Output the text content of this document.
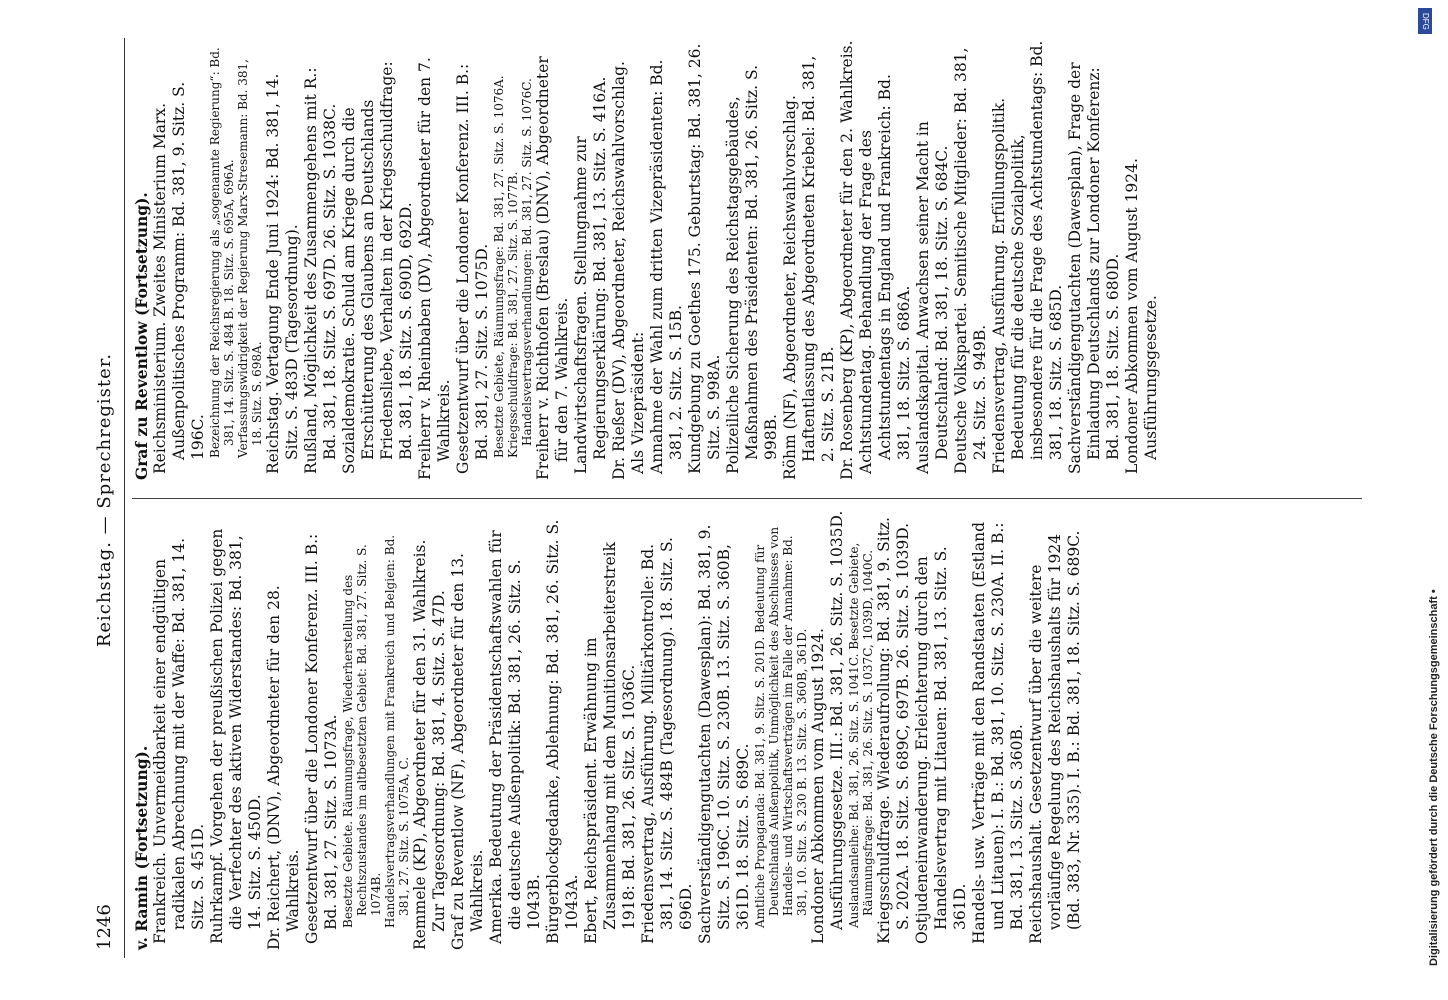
1246
Reichstag. — Sprechregister.
v. Ramin (Fortsetzung). Frankreich. Unvermeidbarkeit einer endgültigen radikalen Abrechnung mit der Waffe: Bd. 381, 14. Sitz. S. 451D. Ruhrkampf. Vorgehen der preußischen Polizei gegen die Verfechter des aktiven Widerstandes: Bd. 381, 14. Sitz. S. 450D. Dr. Reichert, (DNV), Abgeordneter für den 28. Wahlkreis. Gesetzentwurf über die Londoner Konferenz. III. B.: Bd. 381, 27. Sitz. S. 1073A. Besetzte Gebiete. Räumungsfrage, Wiederherstellung des Rechtszustandes im altbesetzten Gebiet: Bd. 381, 27. Sitz. S. 1074B. Handelsvertragsverhandlungen mit Frankreich und Belgien: Bd. 381, 27. Sitz. S. 1075A, C. Remmele (KP), Abgeordneter für den 31. Wahlkreis. Zur Tagesordnung: Bd. 381, 4. Sitz. S. 47D. Graf zu Reventlow (NF), Abgeordneter für den 13. Wahlkreis. Amerika. Bedeutung der Präsidentschaftswahlen für die deutsche Außenpolitik: Bd. 381, 26. Sitz. S. 1043B. Bürgerblockgedanke, Ablehnung: Bd. 381, 26. Sitz. S. 1043A. Ebert, Reichspräsident. Erwähnung im Zusammenhang mit dem Munitionsarbeiterstreik 1918: Bd. 381, 26. Sitz. S. 1036C. Friedensvertrag, Ausführung. Militärkontrolle: Bd. 381, 14. Sitz. S. 484B (Tagesordnung). 18. Sitz. S. 696D. Sachverständigengutachten (Dawesplan): Bd. 381, 9. Sitz. S. 196C. 10. Sitz. S. 230B. 13. Sitz. S. 360B, 361D. 18. Sitz. S. 689C. Amtliche Propaganda: Bd. 381, 9. Sitz. S. 201D. Bedeutung für Deutschlands Außenpolitik, Unmöglichkeit des Abschlusses von Handels- und Wirtschaftsverträgen im Falle der Annahme: Bd. 381, 10. Sitz. S. 230 B. 13. Sitz. S. 360B, 361D. Londoner Abkommen vom August 1924. Ausführungsgesetze. III.: Bd. 381, 26. Sitz. S. 1035D. Auslandsanleihe: Bd. 381, 26. Sitz. S. 1041C. Besetzte Gebiete, Räumungsfrage: Bd. 381, 26. Sitz. S. 1037C, 1039D, 1040C. Kriegsschuldfrage. Wiederaufrollung: Bd. 381, 9. Sitz. S. 202A. 18. Sitz. S. 689C, 697B. 26. Sitz. S. 1039D. Ostjudeneinwanderung. Erleichterung durch den Handelsvertrag mit Litauen: Bd. 381, 13. Sitz. S. 361D. Handels- usw. Verträge mit den Randstaaten (Estland und Litauen): I. B.: Bd. 381, 10. Sitz. S. 230A. II. B.: Bd. 381, 13. Sitz. S. 360B. Reichshaushalt. Gesetzentwurf über die weitere vorläufige Regelung des Reichshaushalts für 1924 (Bd. 383, Nr. 335). I. B.: Bd. 381, 18. Sitz. S. 689C.
Graf zu Reventlow (Fortsetzung). Reichsministerium. Zweites Ministerium Marx. Außenpolitisches Programm: Bd. 381, 9. Sitz. S. 196C. Bezeichnung der Reichsregierung als „sogenannte Regierung“: Bd. 381, 14. Sitz. S. 484 B. 18. Sitz. S. 695A, 696A. Verfassungswidrigkeit der Regierung Marx-Stresemann: Bd. 381, 18. Sitz. S. 698A. Reichstag. Vertagung Ende Juni 1924: Bd. 381, 14. Sitz. S. 483D (Tagesordnung). Rußland, Möglichkeit des Zusammengehens mit R.: Bd. 381, 18. Sitz. S. 697D. 26. Sitz. S. 1038C. Sozialdemokratie. Schuld am Kriege durch die Erschütterung des Glaubens an Deutschlands Friedensliebe, Verhalten in der Kriegsschuldfrage: Bd. 381, 18. Sitz. S. 690D, 692D. Freiherr v. Rheinbaben (DV), Abgeordneter für den 7. Wahlkreis. Gesetzentwurf über die Londoner Konferenz. III. B.: Bd. 381, 27. Sitz. S. 1075D. Besetzte Gebiete, Räumungsfrage: Bd. 381, 27. Sitz. S. 1076A. Kriegsschuldfrage: Bd. 381, 27. Sitz. S. 1077B. Handelsvertragsverhandlungen: Bd. 381, 27. Sitz. S. 1076C. Freiherr v. Richthofen (Breslau) (DNV), Abgeordneter für den 7. Wahlkreis. Landwirtschaftsfragen. Stellungnahme zur Regierungserklärung: Bd. 381, 13. Sitz. S. 416A. Dr. Rießer (DV), Abgeordneter, Reichswahlvorschlag. Als Vizepräsident: Annahme der Wahl zum dritten Vizepräsidenten: Bd. 381, 2. Sitz. S. 15B. Kundgebung zu Goethes 175. Geburtstag: Bd. 381, 26. Sitz. S. 998A. Polizeiliche Sicherung des Reichstagsgebäudes, Maßnahmen des Präsidenten: Bd. 381, 26. Sitz. S. 998B. Röhm (NF), Abgeordneter, Reichswahlvorschlag. Haftentlassung des Abgeordneten Kriebel: Bd. 381, 2. Sitz. S. 21B. Dr. Rosenberg (KP), Abgeordneter für den 2. Wahlkreis. Achtstundentag. Behandlung der Frage des Achtstundentags in England und Frankreich: Bd. 381, 18. Sitz. S. 686A. Auslandskapital. Anwachsen seiner Macht in Deutschland: Bd. 381, 18. Sitz. S. 684C. Deutsche Volkspartei. Semitische Mitglieder: Bd. 381, 24. Sitz. S. 949B. Friedensvertrag, Ausführung. Erfüllungspolitik. Bedeutung für die deutsche Sozialpolitik, insbesondere für die Frage des Achtstundentags: Bd. 381, 18. Sitz. S. 685D. Sachverständigengutachten (Dawesplan), Frage der Einladung Deutschlands zur Londoner Konferenz: Bd. 381, 18. Sitz. S. 680D. Londoner Abkommen vom August 1924. Ausführungsgesetze.
Digitalisierung gefördert durch die Deutsche Forschungsgemeinschaft •
DFG
